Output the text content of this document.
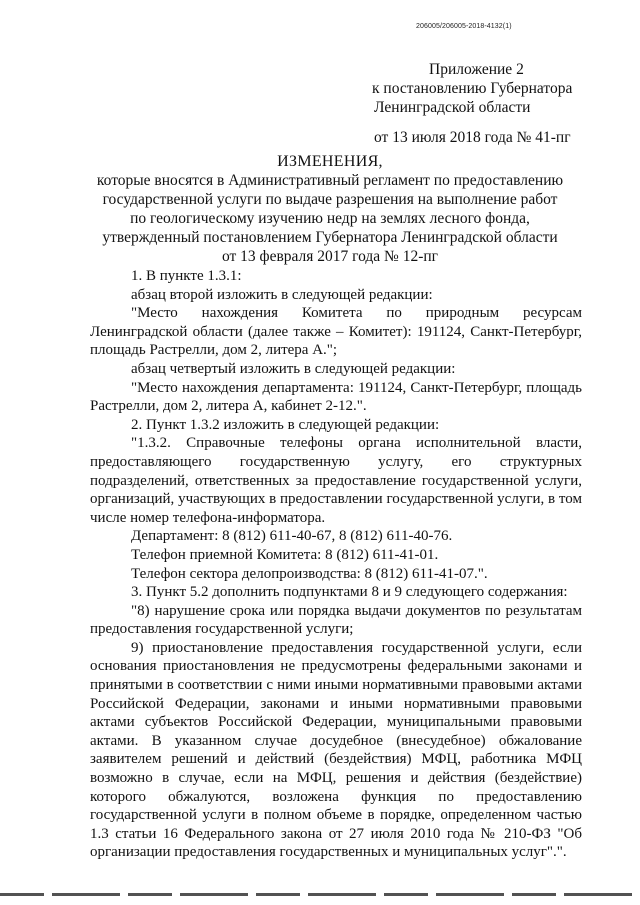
206005/206005-2018-4132(1)
Приложение 2
к постановлению Губернатора
Ленинградской области
от 13 июля 2018 года № 41-пг
ИЗМЕНЕНИЯ,
которые вносятся в Административный регламент по предоставлению
государственной услуги по выдаче разрешения на выполнение работ
по геологическому изучению недр на землях лесного фонда,
утвержденный постановлением Губернатора Ленинградской области
от 13 февраля 2017 года № 12-пг

1. В пункте 1.3.1:

абзац второй изложить в следующей редакции:

"Место нахождения Комитета по природным ресурсам Ленинградской области (далее также – Комитет): 191124, Санкт-Петербург, площадь Растрелли, дом 2, литера А.";

абзац четвертый изложить в следующей редакции:

"Место нахождения департамента: 191124, Санкт-Петербург, площадь Растрелли, дом 2, литера А, кабинет 2-12.".

2. Пункт 1.3.2 изложить в следующей редакции:

"1.3.2. Справочные телефоны органа исполнительной власти, предоставляющего государственную услугу, его структурных подразделений, ответственных за предоставление государственной услуги, организаций, участвующих в предоставлении государственной услуги, в том числе номер телефона-информатора.

Департамент: 8 (812) 611-40-67, 8 (812) 611-40-76.

Телефон приемной Комитета: 8 (812) 611-41-01.

Телефон сектора делопроизводства: 8 (812) 611-41-07.".

3. Пункт 5.2 дополнить подпунктами 8 и 9 следующего содержания:

"8) нарушение срока или порядка выдачи документов по результатам предоставления государственной услуги;

9) приостановление предоставления государственной услуги, если основания приостановления не предусмотрены федеральными законами и принятыми в соответствии с ними иными нормативными правовыми актами Российской Федерации, законами и иными нормативными правовыми актами субъектов Российской Федерации, муниципальными правовыми актами. В указанном случае досудебное (внесудебное) обжалование заявителем решений и действий (бездействия) МФЦ, работника МФЦ возможно в случае, если на МФЦ, решения и действия (бездействие) которого обжалуются, возложена функция по предоставлению государственной услуги в полном объеме в порядке, определенном частью 1.3 статьи 16 Федерального закона от 27 июля 2010 года № 210-ФЗ "Об организации предоставления государственных и муниципальных услуг".".
